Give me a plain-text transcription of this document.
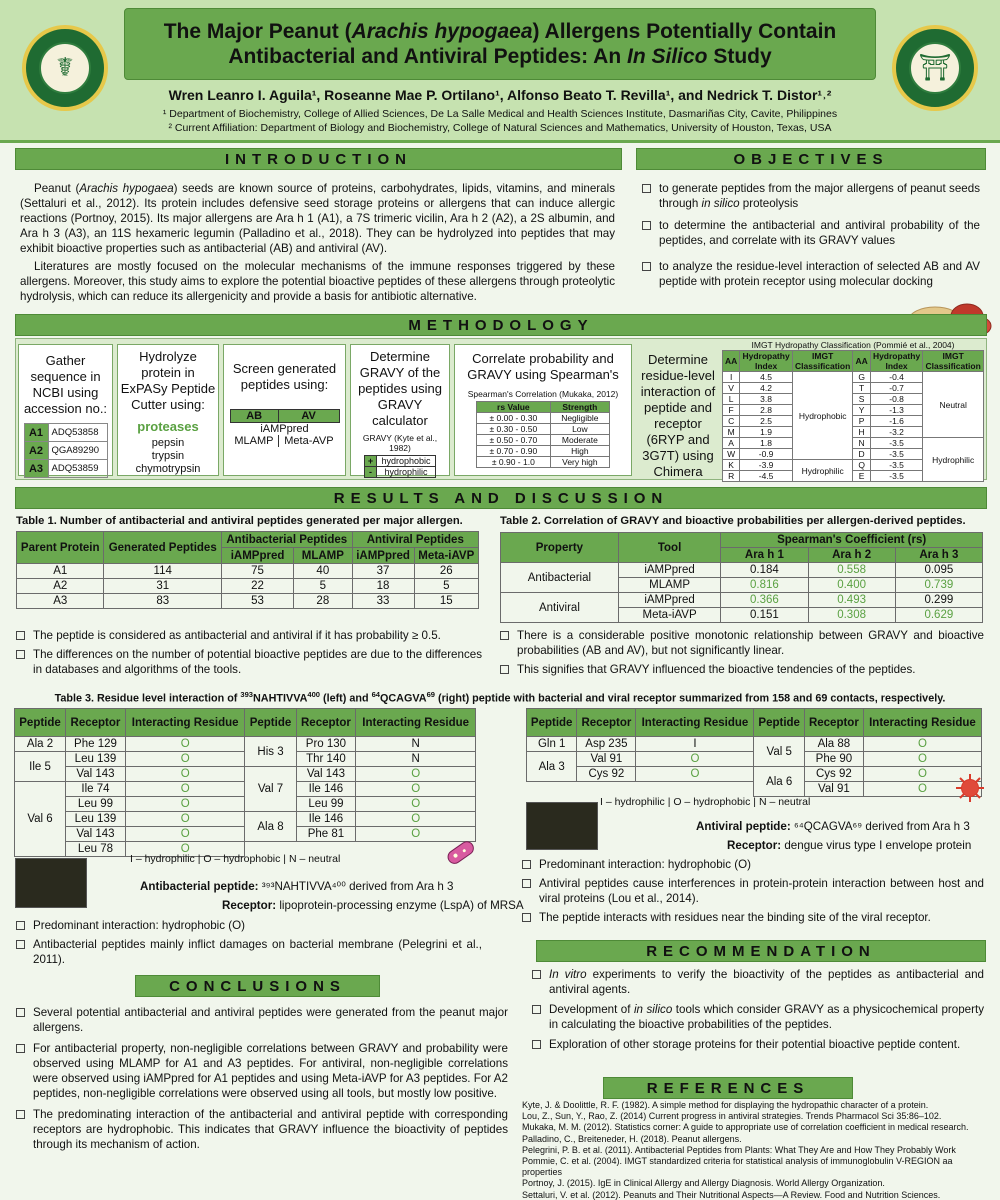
☤	⛩
The Major Peanut (Arachis hypogaea) Allergens Potentially Contain
Antibacterial and Antiviral Peptides: An In Silico Study
Wren Leanro I. Aguila¹, Roseanne Mae P. Ortilano¹, Alfonso Beato T. Revilla¹, and Nedrick T. Distor¹˒²
¹ Department of Biochemistry, College of Allied Sciences, De La Salle Medical and Health Sciences Institute, Dasmariñas City, Cavite, Philippines
² Current Affiliation: Department of Biology and Biochemistry, College of Natural Sciences and Mathematics, University of Houston, Texas, USA
INTRODUCTION
Peanut (Arachis hypogaea) seeds are known source of proteins, carbohydrates, lipids, vitamins, and minerals (Settaluri et al., 2012). Its protein includes defensive seed storage proteins or allergens that can induce allergic reactions (Portnoy, 2015). Its major allergens are Ara h 1 (A1), a 7S trimeric vicilin, Ara h 2 (A2), a 2S albumin, and Ara h 3 (A3), an 11S hexameric legumin (Palladino et al., 2018). They can be hydrolyzed into peptides that may exhibit bioactive properties such as antibacterial (AB) and antiviral (AV).
Literatures are mostly focused on the molecular mechanisms of the immune responses triggered by these allergens. Moreover, this study aims to explore the potential bioactive peptides of these allergens through proteolytic hydrolysis, which can reduce its allergenicity and provide a basis for antibiotic alternative.
OBJECTIVES
to generate peptides from the major allergens of peanut seeds through in silico proteolysis
to determine the antibacterial and antiviral probability of the peptides, and correlate with its GRAVY values
to analyze the residue-level interaction of selected AB and AV peptide with protein receptor using molecular docking
METHODOLOGY
Gather sequence in NCBI using accession no.:
A1	ADQ53858
A2	QGA89290
A3	ADQ53859
Hydrolyze protein in ExPASy Peptide Cutter using:
proteases
pepsin
trypsin
chymotrypsin
Screen generated peptides using:
AB	AV
iAMPpred	
MLAMP	Meta-AVP
Determine GRAVY of the peptides using GRAVY calculator
GRAVY (Kyte et al., 1982)
+	hydrophobic
-	hydrophilic
Correlate probability and GRAVY using Spearman's
Spearman's Correlation (Mukaka, 2012)
rs Value	Strength
± 0.00 - 0.30	Negligible
± 0.30 - 0.50	Low
± 0.50 - 0.70	Moderate
± 0.70 - 0.90	High
± 0.90 - 1.0	Very high
Determine residue-level interaction of peptide and receptor (6RYP and 3G7T) using Chimera
IMGT Hydropathy Classification (Pommié et al., 2004)
AA	Hydropathy Index	IMGT Classification	AA	Hydropathy Index	IMGT Classification
I	4.5	Hydrophobic	G	-0.4	Neutral
V	4.2		T	-0.7	
L	3.8		S	-0.8	
F	2.8		Y	-1.3	
C	2.5		P	-1.6	
M	1.9		H	-3.2	
A	1.8		N	-3.5	Hydrophilic
W	-0.9		D	-3.5	
K	-3.9	Hydrophilic	Q	-3.5	
R	-4.5		E	-3.5	
RESULTS AND DISCUSSION
Table 1. Number of antibacterial and antiviral peptides generated per major allergen.
Parent Protein	Generated Peptides	Antibacterial Peptides		Antiviral Peptides	
		iAMPpred	MLAMP	iAMPpred	Meta-iAVP
A1	114	75	40	37	26
A2	31	22	5	18	5
A3	83	53	28	33	15
The peptide is considered as antibacterial and antiviral if it has probability ≥ 0.5.
The differences on the number of potential bioactive peptides are due to the differences in databases and algorithms of the tools.
Table 2. Correlation of GRAVY and bioactive probabilities per allergen-derived peptides.
Property	Tool	Spearman's Coefficient (rs)		
		Ara h 1	Ara h 2	Ara h 3
Antibacterial	iAMPpred	0.184	0.558	0.095
	MLAMP	0.816	0.400	0.739
Antiviral	iAMPpred	0.366	0.493	0.299
	Meta-iAVP	0.151	0.308	0.629
There is a considerable positive monotonic relationship between GRAVY and bioactive probabilities (AB and AV), but not significantly linear.
This signifies that GRAVY influenced the bioactive tendencies of the peptides.
Table 3. Residue level interaction of $^{393}$NAHTIVVA$^{400}$ (left) and $^{64}$QCAGVA$^{69}$ (right) peptide with bacterial and viral receptor summarized from 158 and 69 contacts, respectively.
Peptide	Receptor	Interacting Residue	Peptide	Receptor	Interacting Residue
Ala 2	Phe 129	O	His 3	Pro 130	N
Ile 5	Leu 139	O		Thr 140	N
	Val 143	O	Val 7	Val 143	O
Val 6	Ile 74	O		Ile 146	O
	Leu 99	O		Leu 99	O
	Leu 139	O	Ala 8	Ile 146	O
	Val 143	O		Phe 81	O
	Leu 78	O			
Peptide	Receptor	Interacting Residue	Peptide	Receptor	Interacting Residue
Gln 1	Asp 235	I	Val 5	Ala 88	O
Ala 3	Val 91	O		Phe 90	O
	Cys 92	O	Ala 6	Cys 92	O
				Val 91	O
I – hydrophilic | O – hydrophobic | N – neutral
Antibacterial peptide: ³⁹³NAHTIVVA⁴⁰⁰ derived from Ara h 3
Receptor: lipoprotein-processing enzyme (LspA) of MRSA
Predominant interaction: hydrophobic (O)
Antibacterial peptides mainly inflict damages on bacterial membrane (Pelegrini et al., 2011).
I – hydrophilic | O – hydrophobic | N – neutral
Antiviral peptide: ⁶⁴QCAGVA⁶⁹ derived from Ara h 3
Receptor: dengue virus type I envelope protein
Predominant interaction: hydrophobic (O)
Antiviral peptides cause interferences in protein-protein interaction between host and viral proteins (Lou et al., 2014).
The peptide interacts with residues near the binding site of the viral receptor.
CONCLUSIONS
Several potential antibacterial and antiviral peptides were generated from the peanut major allergens.
For antibacterial property, non-negligible correlations between GRAVY and probability were observed using MLAMP for A1 and A3 peptides. For antiviral, non-negligible correlations were observed using iAMPpred for A1 peptides and using Meta-iAVP for A3 peptides. For A2 peptides, non-negligible correlations were observed using all tools, but mostly low positive.
The predominating interaction of the antibacterial and antiviral peptide with corresponding receptors are hydrophobic. This indicates that GRAVY influence the bioactivity of peptides through its mechanism of action.
RECOMMENDATION
In vitro experiments to verify the bioactivity of the peptides as antibacterial and antiviral agents.
Development of in silico tools which consider GRAVY as a physicochemical property in calculating the bioactive probabilities of the peptides.
Exploration of other storage proteins for their potential bioactive peptide content.
REFERENCES
Kyte, J. & Doolittle, R. F. (1982). A simple method for displaying the hydropathic character of a protein.
Lou, Z., Sun, Y., Rao, Z. (2014) Current progress in antiviral strategies. Trends Pharmacol Sci 35:86–102.
Mukaka, M. M. (2012). Statistics corner: A guide to appropriate use of correlation coefficient in medical research.
Palladino, C., Breiteneder, H. (2018). Peanut allergens.
Pelegrini, P. B. et al. (2011). Antibacterial Peptides from Plants: What They Are and How They Probably Work
Pommie, C. et al. (2004). IMGT standardized criteria for statistical analysis of immunoglobulin V-REGION aa properties
Portnoy, J. (2015). IgE in Clinical Allergy and Allergy Diagnosis. World Allergy Organization.
Settaluri, V. et al. (2012). Peanuts and Their Nutritional Aspects—A Review. Food and Nutrition Sciences.
